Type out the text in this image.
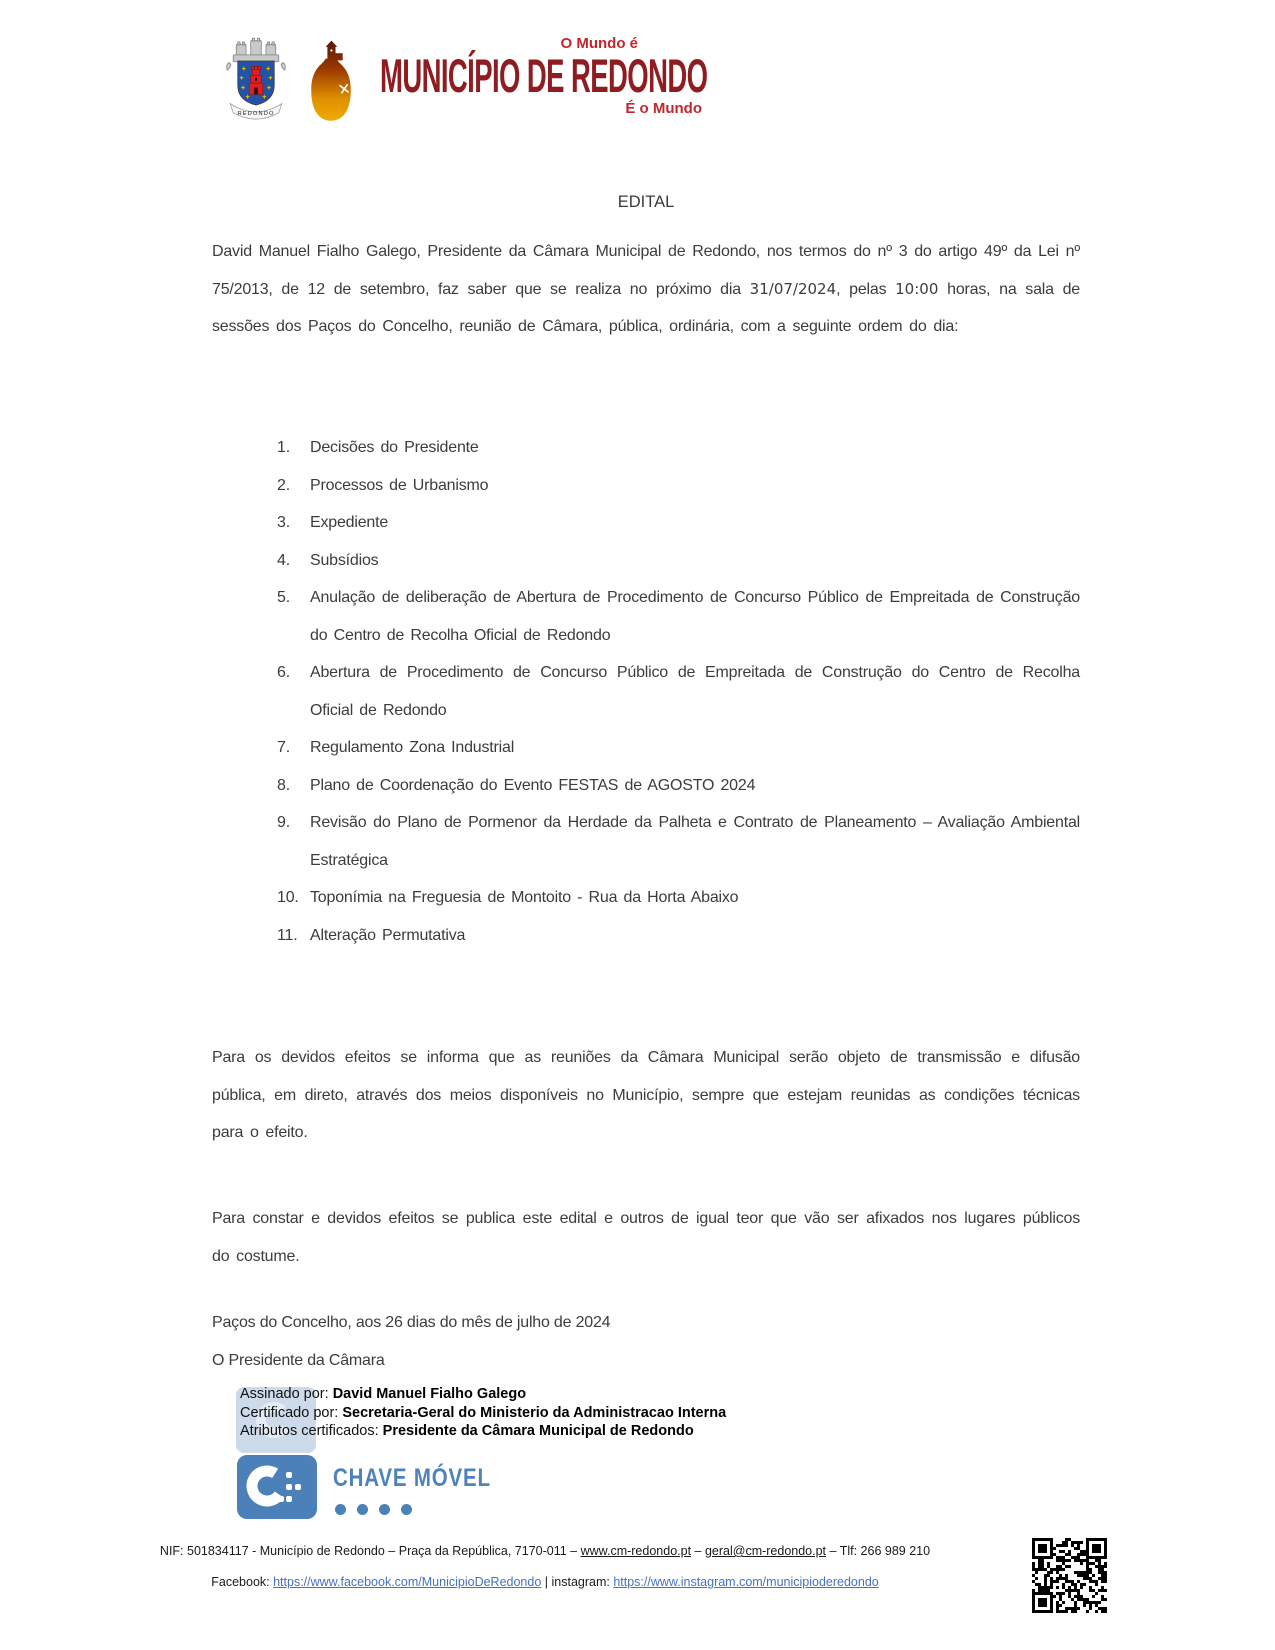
REDONDO
O Mundo é
MUNICÍPIO DE REDONDO
É o Mundo
EDITAL

David Manuel Fialho Galego, Presidente da Câmara Municipal de Redondo, nos termos do nº 3 do artigo 49º da Lei nº 75/2013, de 12 de setembro, faz saber que se realiza no próximo dia 31/07/2024, pelas 10:00 horas, na sala de sessões dos Paços do Concelho, reunião de Câmara, pública, ordinária, com a seguinte ordem do dia:

1. Decisões do Presidente
2. Processos de Urbanismo
3. Expediente
4. Subsídios
5. Anulação de deliberação de Abertura de Procedimento de Concurso Público de Empreitada de Construção do Centro de Recolha Oficial de Redondo
6. Abertura de Procedimento de Concurso Público de Empreitada de Construção do Centro de Recolha Oficial de Redondo
7. Regulamento Zona Industrial
8. Plano de Coordenação do Evento FESTAS de AGOSTO 2024
9. Revisão do Plano de Pormenor da Herdade da Palheta e Contrato de Planeamento – Avaliação Ambiental Estratégica
10. Toponímia na Freguesia de Montoito - Rua da Horta Abaixo
11. Alteração Permutativa

Para os devidos efeitos se informa que as reuniões da Câmara Municipal serão objeto de transmissão e difusão pública, em direto, através dos meios disponíveis no Município, sempre que estejam reunidas as condições técnicas para o efeito.

Para constar e devidos efeitos se publica este edital e outros de igual teor que vão ser afixados nos lugares públicos do costume.

Paços do Concelho, aos 26 dias do mês de julho de 2024
O Presidente da Câmara
Assinado por: David Manuel Fialho Galego
Certificado por: Secretaria-Geral do Ministerio da Administracao Interna
Atributos certificados: Presidente da Câmara Municipal de Redondo
CHAVE MÓVEL
NIF: 501834117 - Município de Redondo – Praça da República, 7170-011 – www.cm-redondo.pt – geral@cm-redondo.pt – Tlf: 266 989 210
Facebook: https://www.facebook.com/MunicipioDeRedondo | instagram: https://www.instagram.com/municipioderedondo
